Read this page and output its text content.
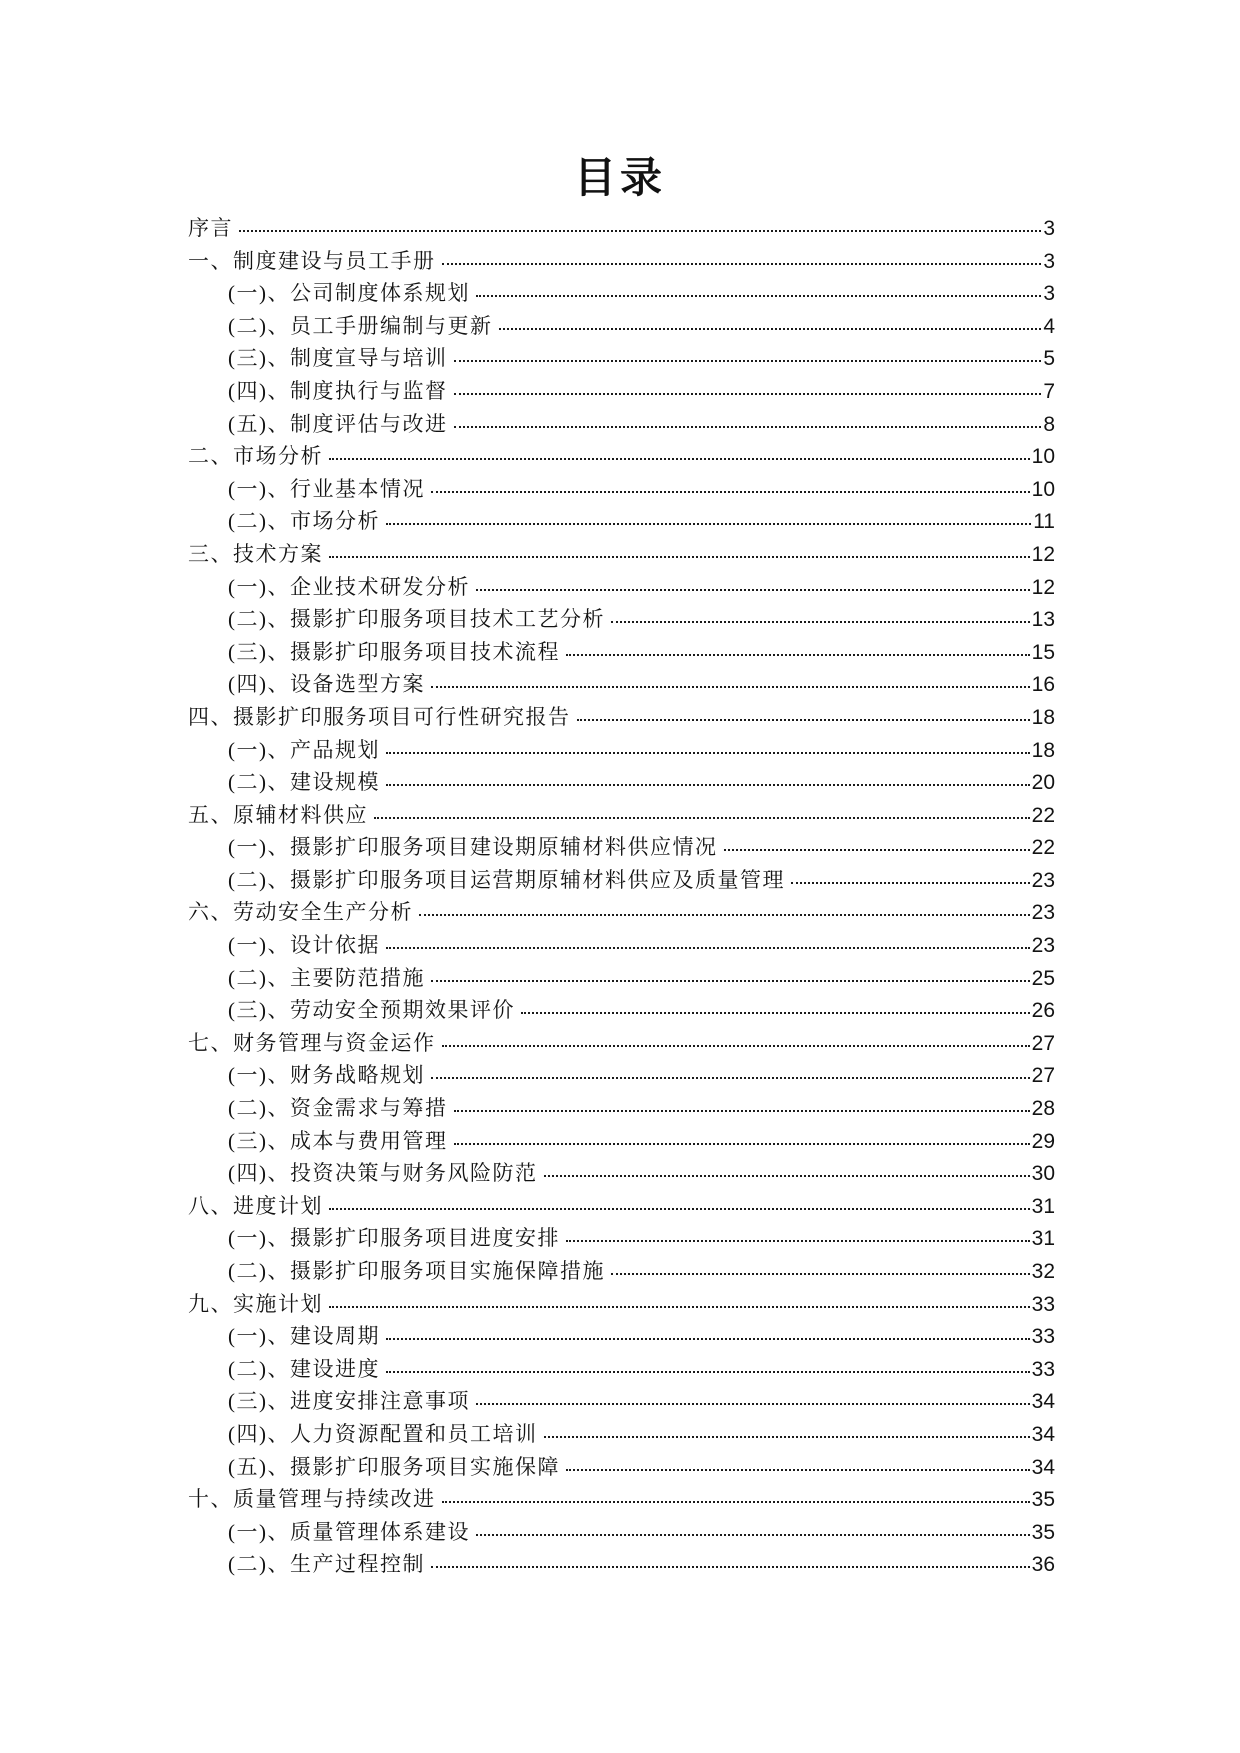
目录
序言	3
一、制度建设与员工手册	3
(一)、公司制度体系规划	3
(二)、员工手册编制与更新	4
(三)、制度宣导与培训	5
(四)、制度执行与监督	7
(五)、制度评估与改进	8
二、市场分析	10
(一)、行业基本情况	10
(二)、市场分析	11
三、技术方案	12
(一)、企业技术研发分析	12
(二)、摄影扩印服务项目技术工艺分析	13
(三)、摄影扩印服务项目技术流程	15
(四)、设备选型方案	16
四、摄影扩印服务项目可行性研究报告	18
(一)、产品规划	18
(二)、建设规模	20
五、原辅材料供应	22
(一)、摄影扩印服务项目建设期原辅材料供应情况	22
(二)、摄影扩印服务项目运营期原辅材料供应及质量管理	23
六、劳动安全生产分析	23
(一)、设计依据	23
(二)、主要防范措施	25
(三)、劳动安全预期效果评价	26
七、财务管理与资金运作	27
(一)、财务战略规划	27
(二)、资金需求与筹措	28
(三)、成本与费用管理	29
(四)、投资决策与财务风险防范	30
八、进度计划	31
(一)、摄影扩印服务项目进度安排	31
(二)、摄影扩印服务项目实施保障措施	32
九、实施计划	33
(一)、建设周期	33
(二)、建设进度	33
(三)、进度安排注意事项	34
(四)、人力资源配置和员工培训	34
(五)、摄影扩印服务项目实施保障	34
十、质量管理与持续改进	35
(一)、质量管理体系建设	35
(二)、生产过程控制	36
